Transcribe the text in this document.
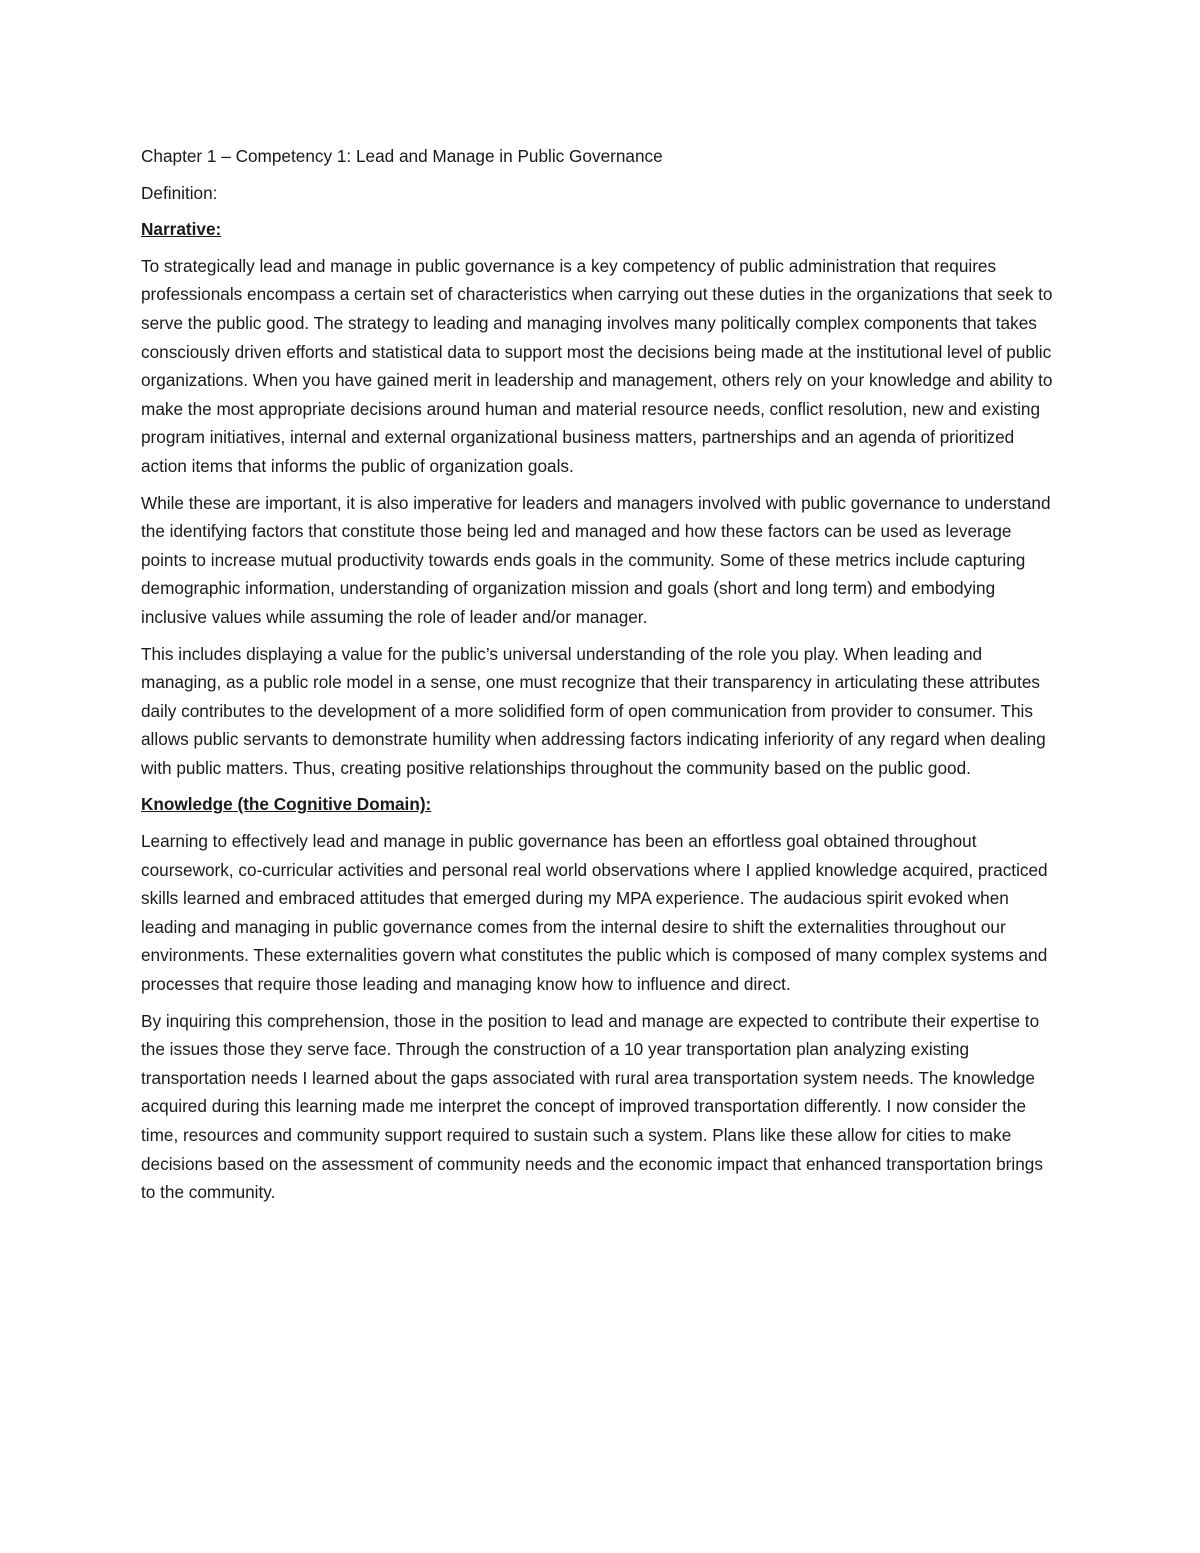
Chapter 1 – Competency 1: Lead and Manage in Public Governance

Definition:

Narrative:

To strategically lead and manage in public governance is a key competency of public administration that requires professionals encompass a certain set of characteristics when carrying out these duties in the organizations that seek to serve the public good. The strategy to leading and managing involves many politically complex components that takes consciously driven efforts and statistical data to support most the decisions being made at the institutional level of public organizations. When you have gained merit in leadership and management, others rely on your knowledge and ability to make the most appropriate decisions around human and material resource needs, conflict resolution, new and existing program initiatives, internal and external organizational business matters, partnerships and an agenda of prioritized action items that informs the public of organization goals.

While these are important, it is also imperative for leaders and managers involved with public governance to understand the identifying factors that constitute those being led and managed and how these factors can be used as leverage points to increase mutual productivity towards ends goals in the community. Some of these metrics include capturing demographic information, understanding of organization mission and goals (short and long term) and embodying inclusive values while assuming the role of leader and/or manager.

This includes displaying a value for the public’s universal understanding of the role you play. When leading and managing, as a public role model in a sense, one must recognize that their transparency in articulating these attributes daily contributes to the development of a more solidified form of open communication from provider to consumer. This allows public servants to demonstrate humility when addressing factors indicating inferiority of any regard when dealing with public matters. Thus, creating positive relationships throughout the community based on the public good.

Knowledge (the Cognitive Domain):

Learning to effectively lead and manage in public governance has been an effortless goal obtained throughout coursework, co-curricular activities and personal real world observations where I applied knowledge acquired, practiced skills learned and embraced attitudes that emerged during my MPA experience. The audacious spirit evoked when leading and managing in public governance comes from the internal desire to shift the externalities throughout our environments. These externalities govern what constitutes the public which is composed of many complex systems and processes that require those leading and managing know how to influence and direct.

By inquiring this comprehension, those in the position to lead and manage are expected to contribute their expertise to the issues those they serve face. Through the construction of a 10 year transportation plan analyzing existing transportation needs I learned about the gaps associated with rural area transportation system needs. The knowledge acquired during this learning made me interpret the concept of improved transportation differently. I now consider the time, resources and community support required to sustain such a system. Plans like these allow for cities to make decisions based on the assessment of community needs and the economic impact that enhanced transportation brings to the community.
